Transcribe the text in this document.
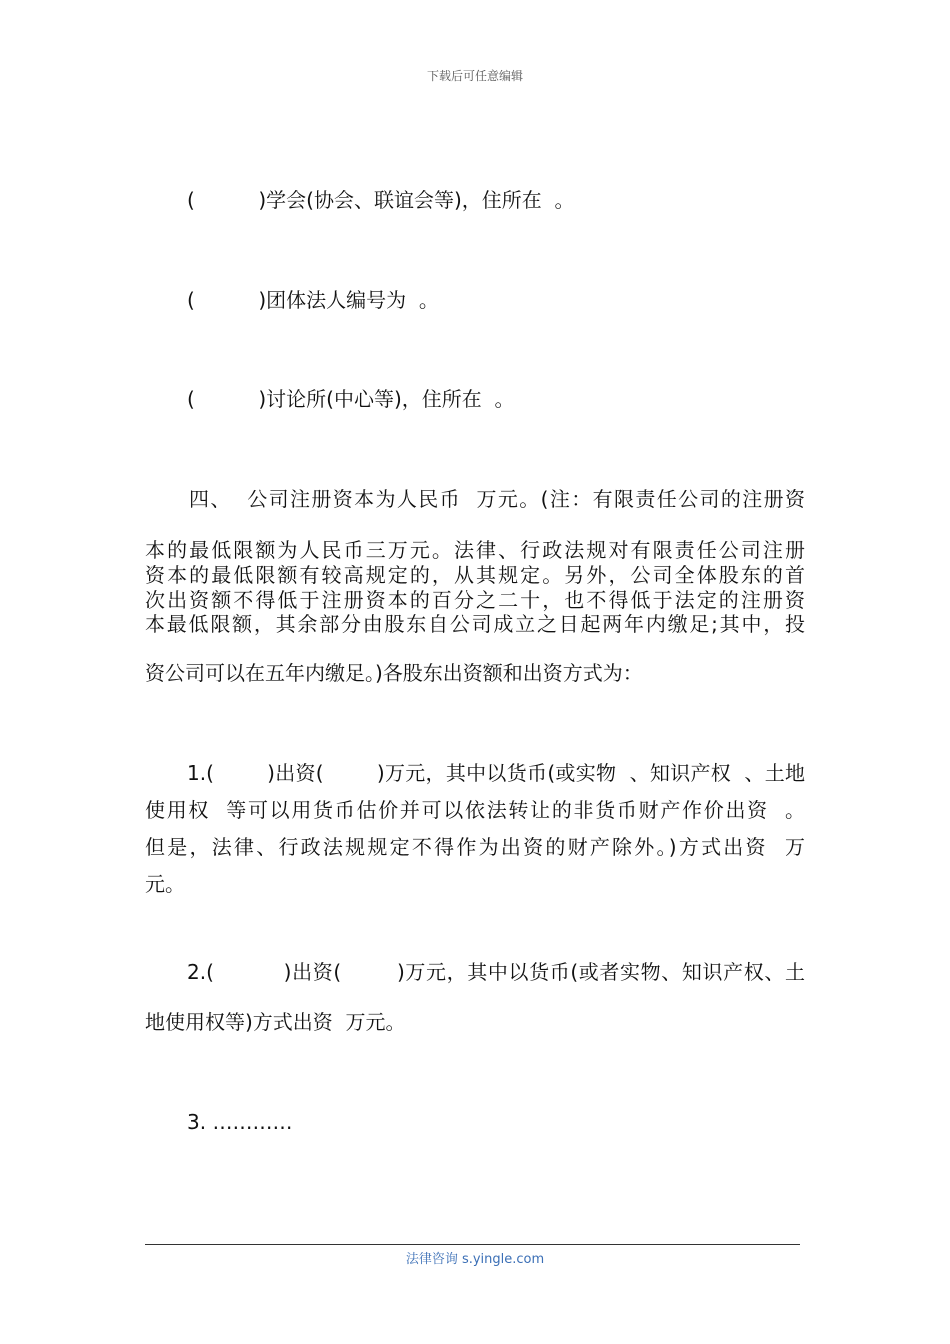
下载后可任意编辑
(          )学会(协会、联谊会等)，住所在  。
(          )团体法人编号为  。
(          )讨论所(中心等)，住所在  。
四、  公司注册资本为人民币  万元。(注：有限责任公司的注册资
本的最低限额为人民币三万元。法律、行政法规对有限责任公司注册
资本的最低限额有较高规定的，从其规定。另外，公司全体股东的首
次出资额不得低于注册资本的百分之二十，也不得低于法定的注册资
本最低限额，其余部分由股东自公司成立之日起两年内缴足;其中，投
资公司可以在五年内缴足。)各股东出资额和出资方式为：
1.(        )出资(        )万元，其中以货币(或实物  、知识产权  、土地
使用权  等可以用货币估价并可以依法转让的非货币财产作价出资  。
但是，法律、行政法规规定不得作为出资的财产除外。)方式出资  万
元。
2.(          )出资(        )万元，其中以货币(或者实物、知识产权、土
地使用权等)方式出资  万元。
3. …………
法律咨询 s.yingle.com
